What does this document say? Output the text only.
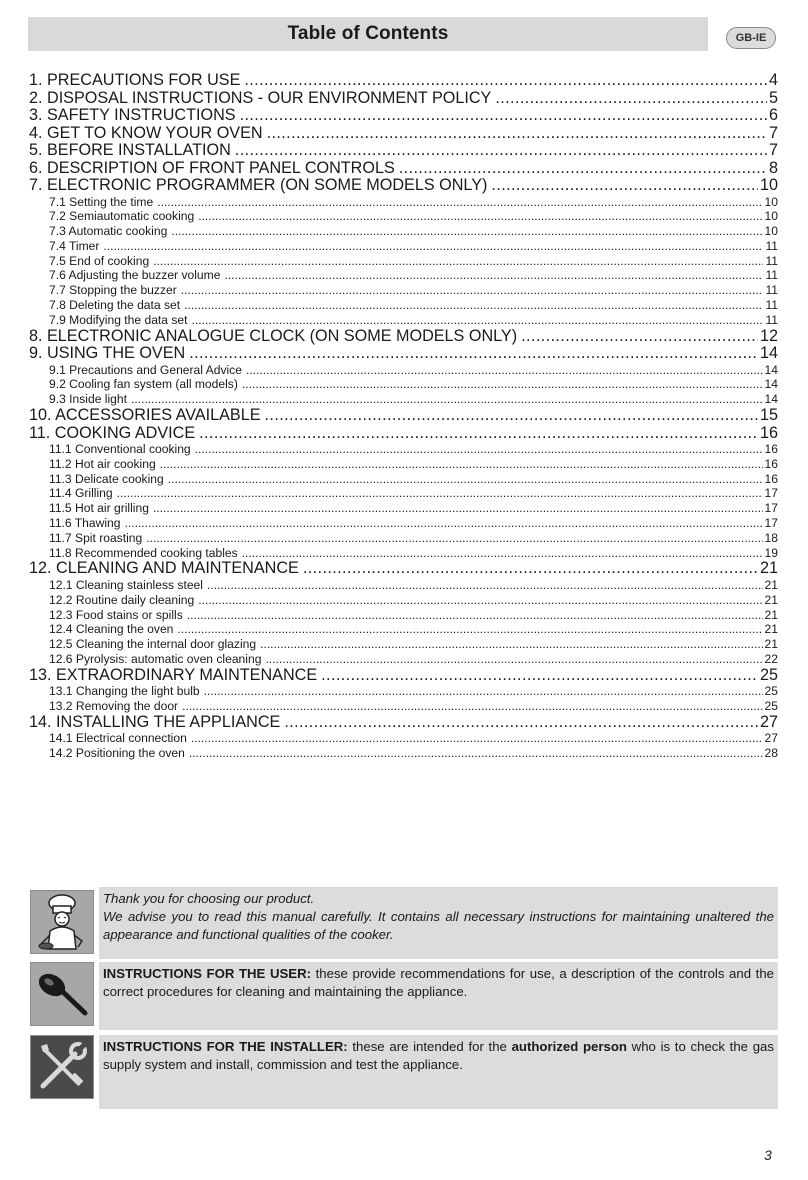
Table of Contents	GB-IE
1. PRECAUTIONS FOR USE .....	4
2. DISPOSAL INSTRUCTIONS - OUR ENVIRONMENT POLICY .....	5
3. SAFETY INSTRUCTIONS .....	6
4. GET TO KNOW YOUR OVEN .....	7
5. BEFORE INSTALLATION .....	7
6. DESCRIPTION OF FRONT PANEL CONTROLS .....	8
7. ELECTRONIC PROGRAMMER (ON SOME MODELS ONLY) .....	10
7.1 Setting the time .....	10
7.2 Semiautomatic cooking .....	10
7.3 Automatic cooking .....	10
7.4 Timer .....	11
7.5 End of cooking .....	11
7.6 Adjusting the buzzer volume .....	11
7.7 Stopping the buzzer .....	11
7.8 Deleting the data set .....	11
7.9 Modifying the data set .....	11
8. ELECTRONIC ANALOGUE CLOCK (ON SOME MODELS ONLY) .....	12
9. USING THE OVEN .....	14
9.1 Precautions and General Advice .....	14
9.2 Cooling fan system (all models) .....	14
9.3 Inside light .....	14
10. ACCESSORIES AVAILABLE .....	15
11. COOKING ADVICE .....	16
11.1 Conventional cooking .....	16
11.2 Hot air cooking .....	16
11.3 Delicate cooking .....	16
11.4 Grilling .....	17
11.5 Hot air grilling .....	17
11.6 Thawing .....	17
11.7 Spit roasting .....	18
11.8 Recommended cooking tables .....	19
12. CLEANING AND MAINTENANCE .....	21
12.1 Cleaning stainless steel .....	21
12.2 Routine daily cleaning .....	21
12.3 Food stains or spills .....	21
12.4 Cleaning the oven .....	21
12.5 Cleaning the internal door glazing .....	21
12.6 Pyrolysis: automatic oven cleaning .....	22
13. EXTRAORDINARY MAINTENANCE .....	25
13.1 Changing the light bulb .....	25
13.2 Removing the door .....	25
14. INSTALLING THE APPLIANCE .....	27
14.1 Electrical connection .....	27
14.2 Positioning the oven .....	28

Thank you for choosing our product.

We advise you to read this manual carefully. It contains all necessary instructions for maintaining unaltered the appearance and functional qualities of the cooker.

INSTRUCTIONS FOR THE USER: these provide recommendations for use, a description of the controls and the correct procedures for cleaning and maintaining the appliance.

INSTRUCTIONS FOR THE INSTALLER: these are intended for the authorized person who is to check the gas supply system and install, commission and test the appliance.

3
